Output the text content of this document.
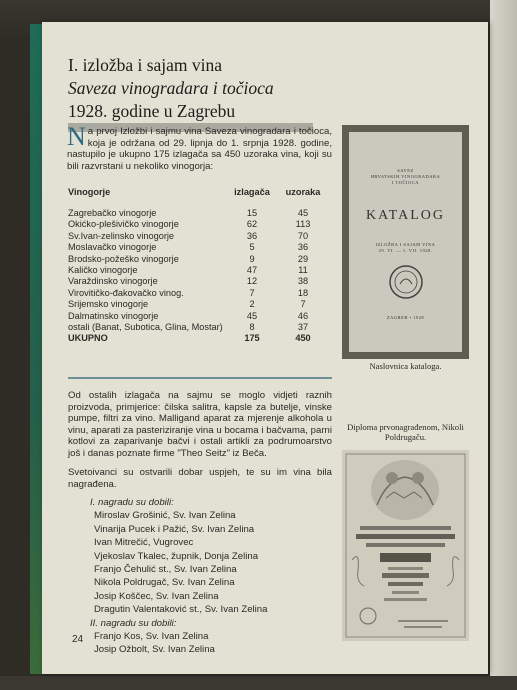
I. izložba i sajam vina
Saveza vinogradara i točioca
1928. godine u Zagrebu
Na prvoj Izložbi i sajmu vina Saveza vinogradara i točioca, koja je održana od 29. lipnja do 1. srpnja 1928. godine, nastupilo je ukupno 175 izlagača sa 450 uzoraka vina, koji su bili razvrstani u nekoliko vinogorja:
Vinogorje	izlagača	uzoraka

Zagrebačko vinogorje	15	45
Okićko-plešivičko vinogorje	62	113
Sv.Ivan-zelinsko vinogorje	36	70
Moslavačko vinogorje	5	36
Brodsko-požeško vinogorje	9	29
Kaličko vinogorje	47	11
Varaždinsko vinogorje	12	38
Virovitičko-đakovačko vinog.	7	18
Srijemsko vinogorje	2	7
Dalmatinsko vinogorje	45	46
ostali (Banat, Subotica, Glina, Mostar)	8	37
UKUPNO	175	450
Od ostalih izlagača na sajmu se moglo vidjeti raznih proizvoda, primjerice: čilska salitra, kapsle za butelje, vinske pumpe, filtri za vino. Malligand aparat za mjerenje alkohola u vinu, aparati za pasteriziranje vina u bocama i bačvama, parni kotlovi za zaparivanje bačvi i ostali artikli za podrumoarstvo još i danas poznate firme "Theo Seitz" iz Beča.
Svetoivanci su ostvarili dobar uspjeh, te su im vina bila nagrađena.
I. nagradu su dobili:
Miroslav Grošinić, Sv. Ivan Zelina
Vinarija Pucek i Pažić, Sv. Ivan Zelina
Ivan Mitrečić, Vugrovec
Vjekoslav Tkalec, župnik, Donja Zelina
Franjo Čehulić st., Sv. Ivan Zelina
Nikola Poldrugač, Sv. Ivan Zelina
Josip Koščec, Sv. Ivan Zelina
Dragutin Valentaković st., Sv. Ivan Zelina
II. nagradu su dobili:
Franjo Kos, Sv. Ivan Zelina
Josip Ožbolt, Sv. Ivan Zelina
24
SAVEZ
HRVATSKIH VINOGRADARA
I TOČIOCA
KATALOG
IZLOŽBA I SAJAM VINA
29. VI. — 1. VII. 1928.
ZAGREB • 1928
Naslovnica kataloga.
Diploma prvonagrađenom, Nikoli Poldrugaču.
